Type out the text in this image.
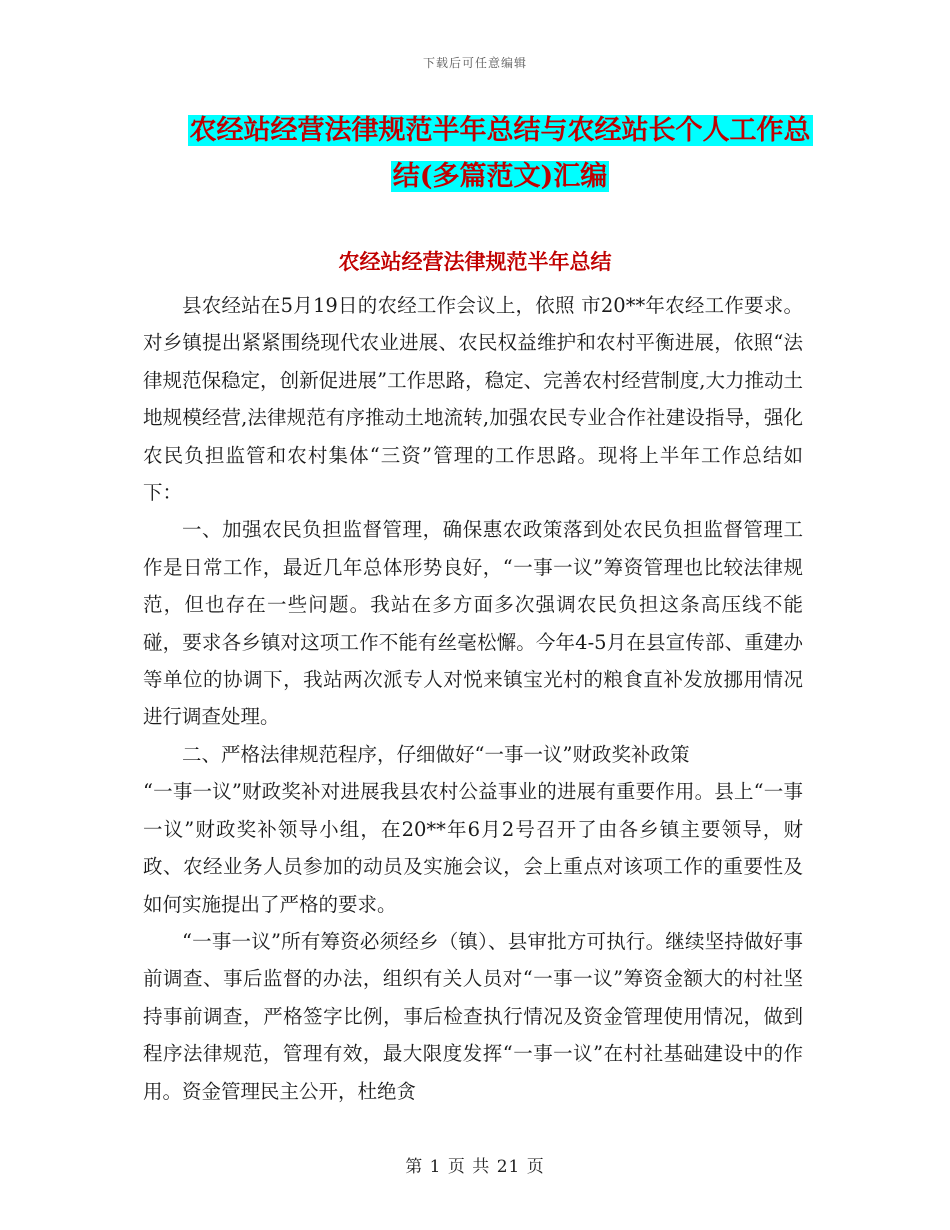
下载后可任意编辑
农经站经营法律规范半年总结与农经站长个人工作总
结(多篇范文)汇编
农经站经营法律规范半年总结

县农经站在5月19日的农经工作会议上，依照 市20**年农经工作要求。对乡镇提出紧紧围绕现代农业进展、农民权益维护和农村平衡进展，依照“法律规范保稳定，创新促进展”工作思路，稳定、完善农村经营制度,大力推动土地规模经营,法律规范有序推动土地流转,加强农民专业合作社建设指导，强化农民负担监管和农村集体“三资”管理的工作思路。现将上半年工作总结如下：

一、加强农民负担监督管理，确保惠农政策落到处农民负担监督管理工作是日常工作，最近几年总体形势良好，“一事一议”筹资管理也比较法律规范，但也存在一些问题。我站在多方面多次强调农民负担这条高压线不能碰，要求各乡镇对这项工作不能有丝毫松懈。今年4-5月在县宣传部、重建办等单位的协调下，我站两次派专人对悦来镇宝光村的粮食直补发放挪用情况进行调查处理。

二、严格法律规范程序，仔细做好“一事一议”财政奖补政策

“一事一议”财政奖补对进展我县农村公益事业的进展有重要作用。县上“一事一议”财政奖补领导小组，在20**年6月2号召开了由各乡镇主要领导，财政、农经业务人员参加的动员及实施会议，会上重点对该项工作的重要性及如何实施提出了严格的要求。

“一事一议”所有筹资必须经乡（镇）、县审批方可执行。继续坚持做好事前调查、事后监督的办法，组织有关人员对“一事一议”筹资金额大的村社坚持事前调查，严格签字比例，事后检查执行情况及资金管理使用情况，做到程序法律规范，管理有效，最大限度发挥“一事一议”在村社基础建设中的作用。资金管理民主公开，杜绝贪

第 1 页 共 21 页
